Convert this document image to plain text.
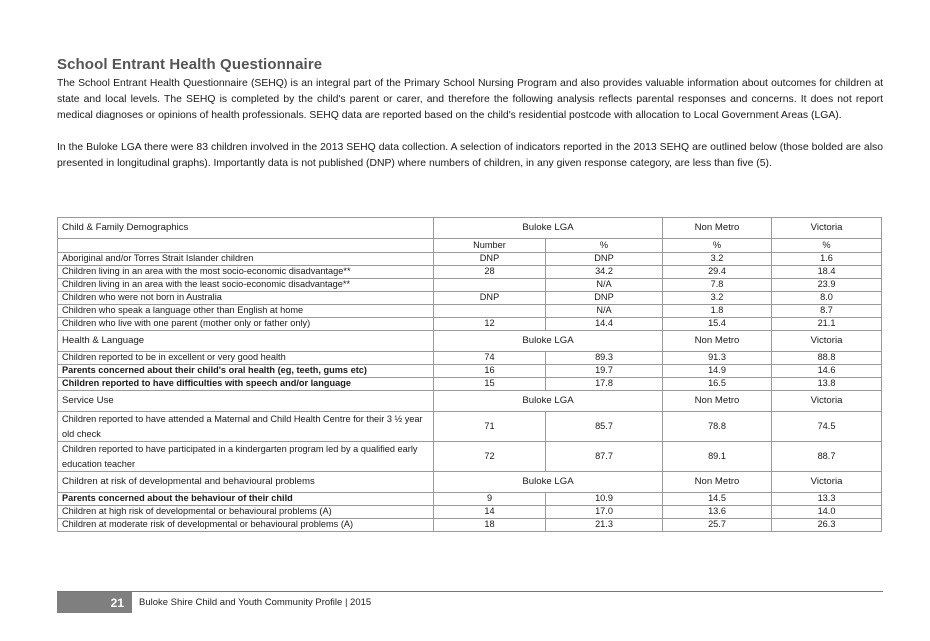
School Entrant Health Questionnaire

The School Entrant Health Questionnaire (SEHQ) is an integral part of the Primary School Nursing Program and also provides valuable information about outcomes for children at state and local levels. The SEHQ is completed by the child's parent or carer, and therefore the following analysis reflects parental responses and concerns. It does not report medical diagnoses or opinions of health professionals. SEHQ data are reported based on the child's residential postcode with allocation to Local Government Areas (LGA).

In the Buloke LGA there were 83 children involved in the 2013 SEHQ data collection. A selection of indicators reported in the 2013 SEHQ are outlined below (those bolded are also presented in longitudinal graphs). Importantly data is not published (DNP) where numbers of children, in any given response category, are less than five (5).

Child & Family Demographics	Buloke LGA		Non Metro	Victoria
	Number	%	%	%
Aboriginal and/or Torres Strait Islander children	DNP	DNP	3.2	1.6
Children living in an area with the most socio-economic disadvantage**	28	34.2	29.4	18.4
Children living in an area with the least socio-economic disadvantage**		N/A	7.8	23.9
Children who were not born in Australia	DNP	DNP	3.2	8.0
Children who speak a language other than English at home		N/A	1.8	8.7
Children who live with one parent (mother only or father only)	12	14.4	15.4	21.1
Health & Language	Buloke LGA		Non Metro	Victoria
Children reported to be in excellent or very good health	74	89.3	91.3	88.8
Parents concerned about their child's oral health (eg, teeth, gums etc)	16	19.7	14.9	14.6
Children reported to have difficulties with speech and/or language	15	17.8	16.5	13.8
Service Use	Buloke LGA		Non Metro	Victoria
Children reported to have attended a Maternal and Child Health Centre for their 3 ½ year old check	71	85.7	78.8	74.5
Children reported to have participated in a kindergarten program led by a qualified early education teacher	72	87.7	89.1	88.7
Children at risk of developmental and behavioural problems	Buloke LGA		Non Metro	Victoria
Parents concerned about the behaviour of their child	9	10.9	14.5	13.3
Children at high risk of developmental or behavioural problems (A)	14	17.0	13.6	14.0
Children at moderate risk of developmental or behavioural problems (A)	18	21.3	25.7	26.3
21 Buloke Shire Child and Youth Community Profile | 2015
